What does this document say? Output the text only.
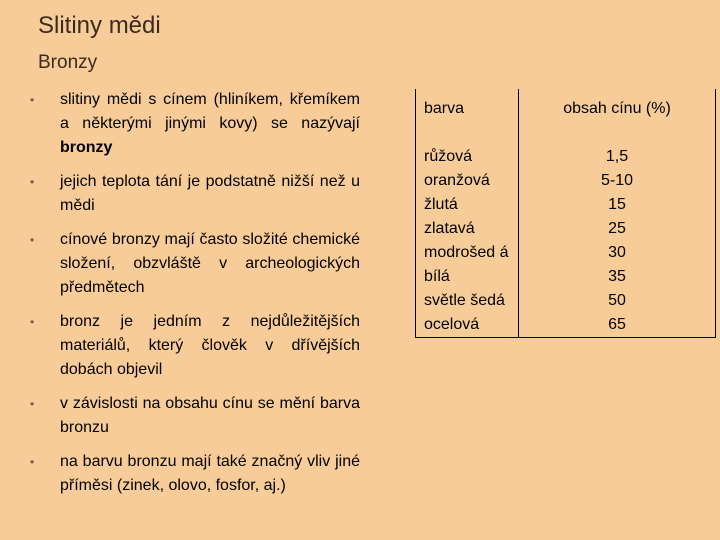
Slitiny mědi
Bronzy
• slitiny mědi s cínem (hliníkem, křemíkem a některými jinými kovy) se nazývají bronzy
• jejich teplota tání je podstatně nižší než u mědi
• cínové bronzy mají často složité chemické složení, obzvláště v archeologických předmětech
• bronz je jedním z nejdůležitějších materiálů, který člověk v dřívějších dobách objevil
• v závislosti na obsahu cínu se mění barva bronzu
• na barvu bronzu mají také značný vliv jiné příměsi (zinek, olovo, fosfor, aj.)
barva	obsah cínu (%)
růžová	1,5
oranžová	5-10
žlutá	15
zlatavá	25
modrošed á	30
bílá	35
světle šedá	50
ocelová	65
